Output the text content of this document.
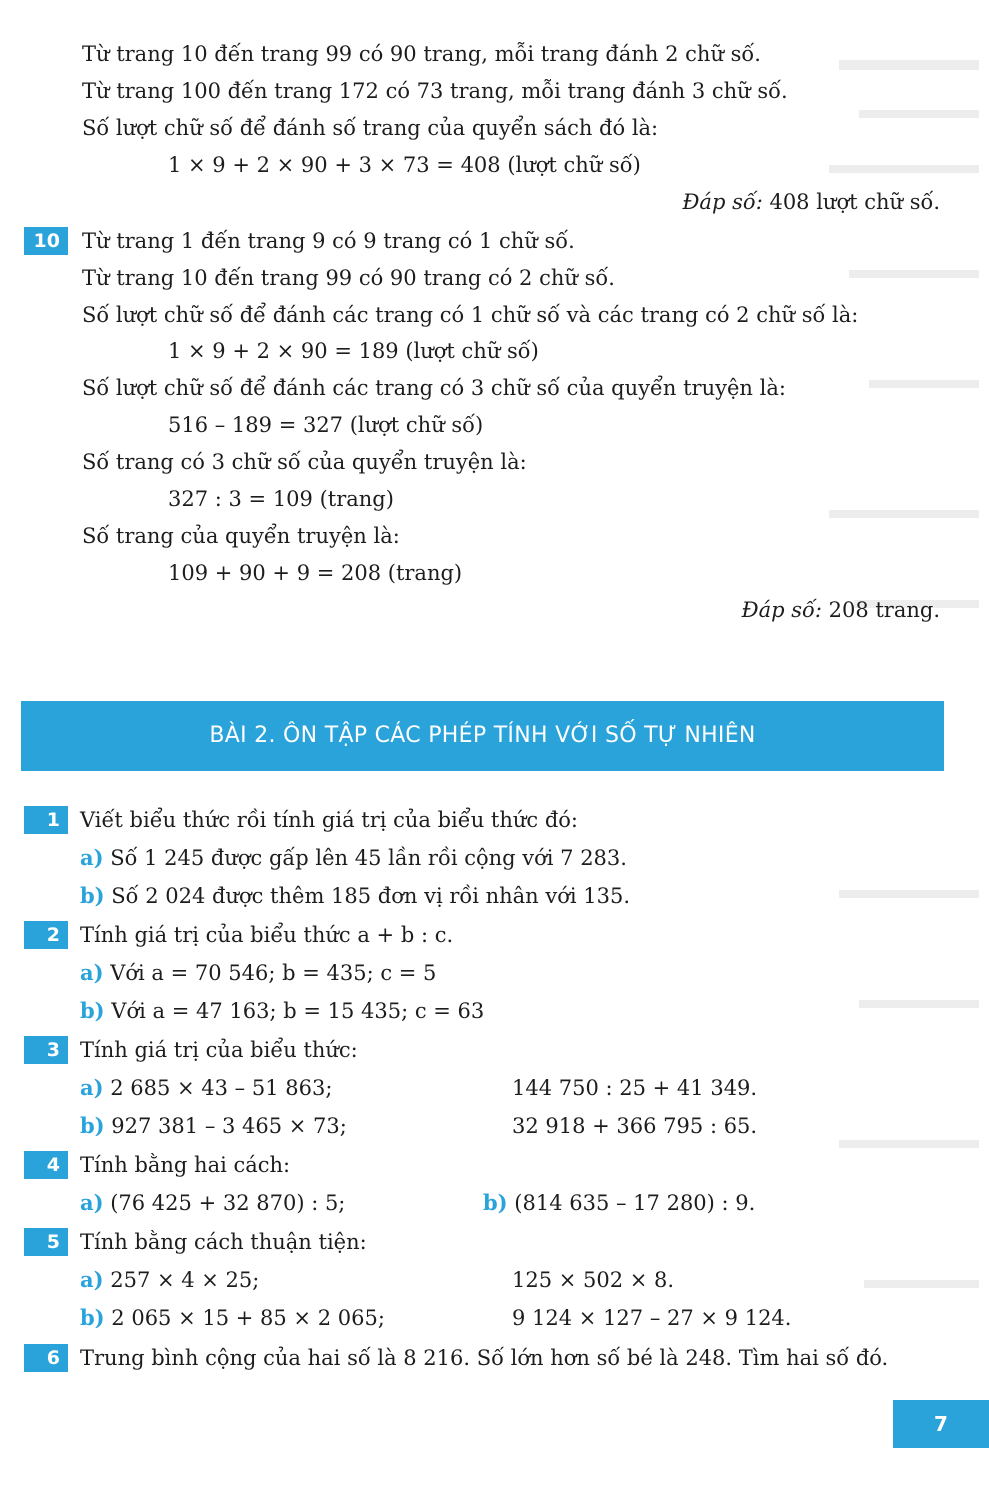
Từ trang 10 đến trang 99 có 90 trang, mỗi trang đánh 2 chữ số.
Từ trang 100 đến trang 172 có 73 trang, mỗi trang đánh 3 chữ số.
Số lượt chữ số để đánh số trang của quyển sách đó là:
1 × 9 + 2 × 90 + 3 × 73 = 408 (lượt chữ số)
Đáp số: 408 lượt chữ số.
10	Từ trang 1 đến trang 9 có 9 trang có 1 chữ số.
Từ trang 10 đến trang 99 có 90 trang có 2 chữ số.
Số lượt chữ số để đánh các trang có 1 chữ số và các trang có 2 chữ số là:
1 × 9 + 2 × 90 = 189 (lượt chữ số)
Số lượt chữ số để đánh các trang có 3 chữ số của quyển truyện là:
516 – 189 = 327 (lượt chữ số)
Số trang có 3 chữ số của quyển truyện là:
327 : 3 = 109 (trang)
Số trang của quyển truyện là:
109 + 90 + 9 = 208 (trang)
Đáp số: 208 trang.
BÀI 2. ÔN TẬP CÁC PHÉP TÍNH VỚI SỐ TỰ NHIÊN
1 Viết biểu thức rồi tính giá trị của biểu thức đó:
a) Số 1 245 được gấp lên 45 lần rồi cộng với 7 283.
b) Số 2 024 được thêm 185 đơn vị rồi nhân với 135.
2 Tính giá trị của biểu thức a + b : c.
a) Với a = 70 546; b = 435; c = 5
b) Với a = 47 163; b = 15 435; c = 63
3 Tính giá trị của biểu thức:
a) 2 685 × 43 – 51 863;	144 750 : 25 + 41 349.
b) 927 381 – 3 465 × 73;	32 918 + 366 795 : 65.
4 Tính bằng hai cách:
a) (76 425 + 32 870) : 5;	b) (814 635 – 17 280) : 9.
5 Tính bằng cách thuận tiện:
a) 257 × 4 × 25;	125 × 502 × 8.
b) 2 065 × 15 + 85 × 2 065;	9 124 × 127 – 27 × 9 124.
6 Trung bình cộng của hai số là 8 216. Số lớn hơn số bé là 248. Tìm hai số đó.
7
